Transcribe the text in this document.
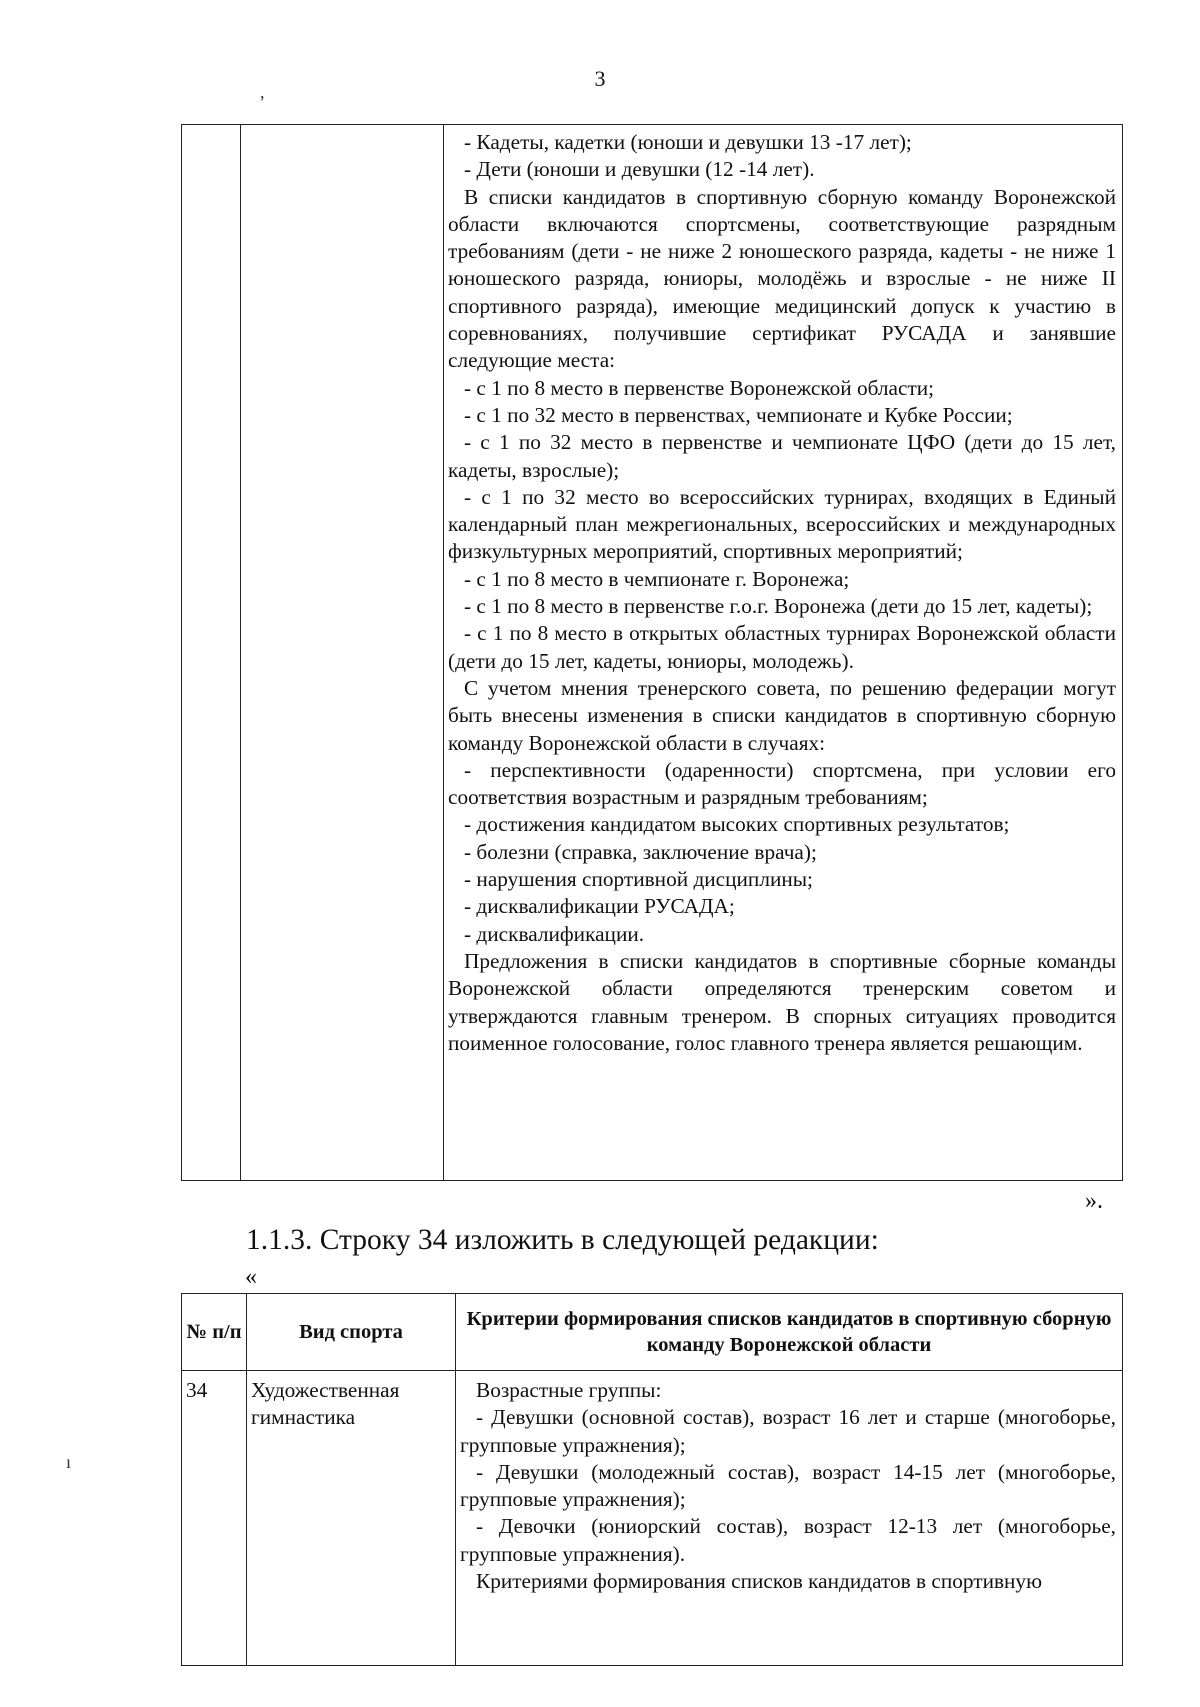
3
,

- Кадеты, кадетки (юноши и девушки 13 -17 лет);

- Дети (юноши и девушки (12 -14 лет).

В списки кандидатов в спортивную сборную команду Воронежской области включаются спортсмены, соответствующие разрядным требованиям (дети - не ниже 2 юношеского разряда, кадеты - не ниже 1 юношеского разряда, юниоры, молодёжь и взрослые - не ниже II спортивного разряда), имеющие медицинский допуск к участию в соревнованиях, получившие сертификат РУСАДА и занявшие следующие места:

- с 1 по 8 место в первенстве Воронежской области;

- с 1 по 32 место в первенствах, чемпионате и Кубке России;

- с 1 по 32 место в первенстве и чемпионате ЦФО (дети до 15 лет, кадеты, взрослые);

- с 1 по 32 место во всероссийских турнирах, входящих в Единый календарный план межрегиональных, всероссийских и международных физкультурных мероприятий, спортивных мероприятий;

- с 1 по 8 место в чемпионате г. Воронежа;

- с 1 по 8 место в первенстве г.о.г. Воронежа (дети до 15 лет, кадеты);

- с 1 по 8 место в открытых областных турнирах Воронежской области (дети до 15 лет, кадеты, юниоры, молодежь).

С учетом мнения тренерского совета, по решению федерации могут быть внесены изменения в списки кандидатов в спортивную сборную команду Воронежской области в случаях:

- перспективности (одаренности) спортсмена, при условии его соответствия возрастным и разрядным требованиям;

- достижения кандидатом высоких спортивных результатов;

- болезни (справка, заключение врача);

- нарушения спортивной дисциплины;

- дисквалификации РУСАДА;

- дисквалификации.

Предложения в списки кандидатов в спортивные сборные команды Воронежской области определяются тренерским советом и утверждаются главным тренером. В спорных ситуациях проводится поименное голосование, голос главного тренера является решающим.

».
1.1.3. Строку 34 изложить в следующей редакции:
«
№ п/п	Вид спорта	Критерии формирования списков кандидатов в спортивную сборную команду Воронежской области
34	Художественная гимнастика	Возрастные группы:

- Девушки (основной состав), возраст 16 лет и старше (многоборье, групповые упражнения);

- Девушки (молодежный состав), возраст 14-15 лет (многоборье, групповые упражнения);

- Девочки (юниорский состав), возраст 12-13 лет (многоборье, групповые упражнения).

Критериями формирования списков кандидатов в спортивную

ı
